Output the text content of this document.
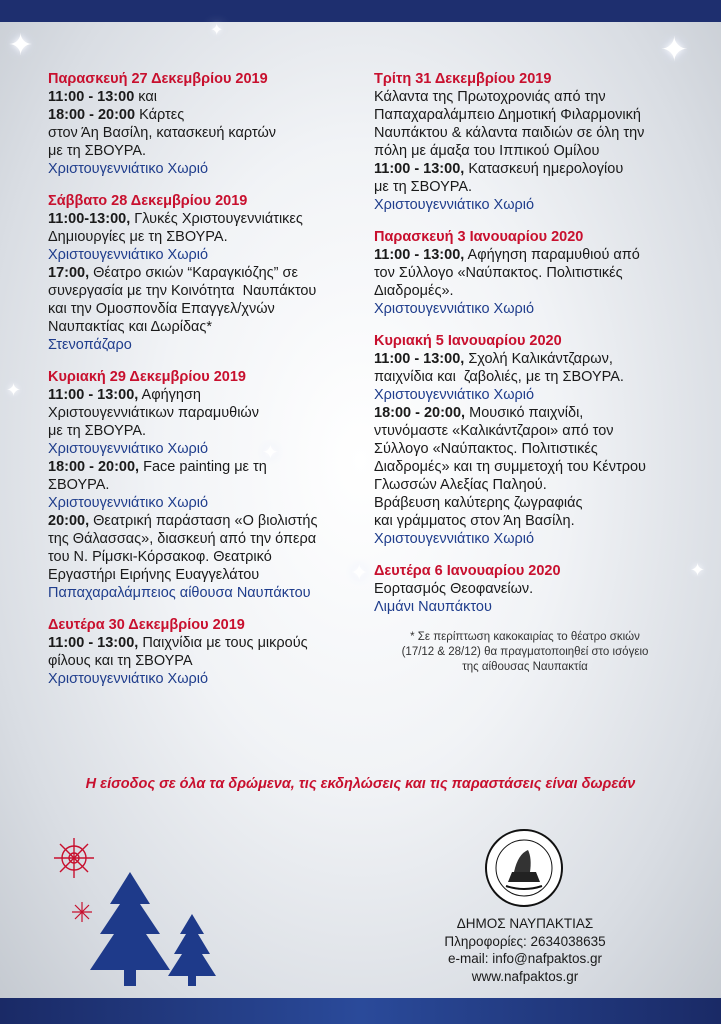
✦	✦
✦
✦
✦
✦
✦
Παρασκευή 27 Δεκεμβρίου 2019
11:00 - 13:00 και
18:00 - 20:00 Κάρτες
στον Άη Βασίλη, κατασκευή καρτών
με τη ΣΒΟΥΡΑ.
Χριστουγεννιάτικο Χωριό
Σάββατο 28 Δεκεμβρίου 2019
11:00-13:00, Γλυκές Χριστουγεννιάτικες
Δημιουργίες με τη ΣΒΟΥΡΑ.
Χριστουγεννιάτικο Χωριό
17:00, Θέατρο σκιών “Καραγκιόζης” σε
συνεργασία με την Κοινότητα  Ναυπάκτου
και την Ομοσπονδία Επαγγελ/χνών
Ναυπακτίας και Δωρίδας*
Στενοπάζαρο
Κυριακή 29 Δεκεμβρίου 2019
11:00 - 13:00, Αφήγηση
Χριστουγεννιάτικων παραμυθιών
με τη ΣΒΟΥΡΑ.
Χριστουγεννιάτικο Χωριό
18:00 - 20:00, Face painting με τη
ΣΒΟΥΡΑ.
Χριστουγεννιάτικο Χωριό
20:00, Θεατρική παράσταση «Ο βιολιστής
της Θάλασσας», διασκευή από την όπερα
του Ν. Ρίμσκι-Κόρσακοφ. Θεατρικό
Εργαστήρι Ειρήνης Ευαγγελάτου
Παπαχαραλάμπειος αίθουσα Ναυπάκτου
Δευτέρα 30 Δεκεμβρίου 2019
11:00 - 13:00, Παιχνίδια με τους μικρούς
φίλους και τη ΣΒΟΥΡΑ
Χριστουγεννιάτικο Χωριό
Τρίτη 31 Δεκεμβρίου 2019
Κάλαντα της Πρωτοχρονιάς από την
Παπαχαραλάμπειο Δημοτική Φιλαρμονική
Ναυπάκτου & κάλαντα παιδιών σε όλη την
πόλη με άμαξα του Ιππικού Ομίλου
11:00 - 13:00, Κατασκευή ημερολογίου
με τη ΣΒΟΥΡΑ.
Χριστουγεννιάτικο Χωριό
Παρασκευή 3 Ιανουαρίου 2020
11:00 - 13:00, Αφήγηση παραμυθιού από
τον Σύλλογο «Ναύπακτος. Πολιτιστικές
Διαδρομές».
Χριστουγεννιάτικο Χωριό
Κυριακή 5 Ιανουαρίου 2020
11:00 - 13:00, Σχολή Καλικάντζαρων,
παιχνίδια και  ζαβολιές, με τη ΣΒΟΥΡΑ.
Χριστουγεννιάτικο Χωριό
18:00 - 20:00, Μουσικό παιχνίδι,
ντυνόμαστε «Καλικάντζαροι» από τον
Σύλλογο «Ναύπακτος. Πολιτιστικές
Διαδρομές» και τη συμμετοχή του Κέντρου
Γλωσσών Αλεξίας Παληού.
Βράβευση καλύτερης ζωγραφιάς
και γράμματος στον Άη Βασίλη.
Χριστουγεννιάτικο Χωριό
Δευτέρα 6 Ιανουαρίου 2020
Εορτασμός Θεοφανείων.
Λιμάνι Ναυπάκτου
* Σε περίπτωση κακοκαιρίας το θέατρο σκιών
(17/12 & 28/12) θα πραγματοποιηθεί στο ισόγειο
της αίθουσας Ναυπακτία
Η είσοδος σε όλα τα δρώμενα, τις εκδηλώσεις και τις παραστάσεις είναι δωρεάν
ΔΗΜΟΣ ΝΑΥΠΑΚΤΙΑΣ
Πληροφορίες: 2634038635
e-mail: info@nafpaktos.gr
www.nafpaktos.gr
